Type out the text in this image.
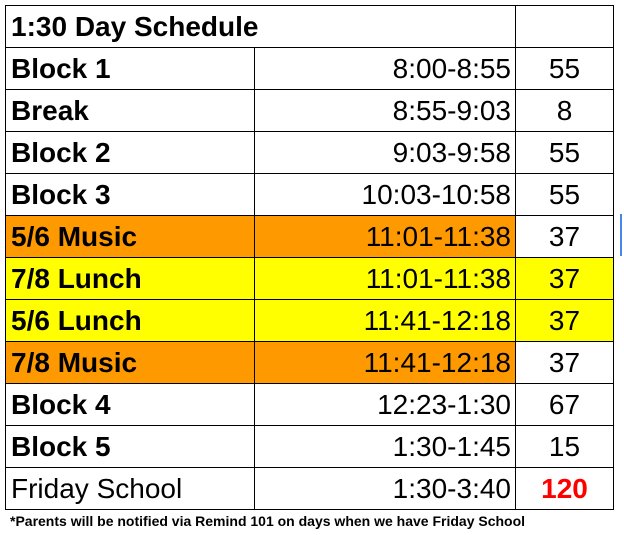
1:30 Day Schedule		
Block 1	8:00-8:55	55
Break	8:55-9:03	8
Block 2	9:03-9:58	55
Block 3	10:03-10:58	55
5/6 Music	11:01-11:38	37
7/8 Lunch	11:01-11:38	37
5/6 Lunch	11:41-12:18	37
7/8 Music	11:41-12:18	37
Block 4	12:23-1:30	67
Block 5	1:30-1:45	15
Friday School	1:30-3:40	120
*Parents will be notified via Remind 101 on days when we have Friday School
